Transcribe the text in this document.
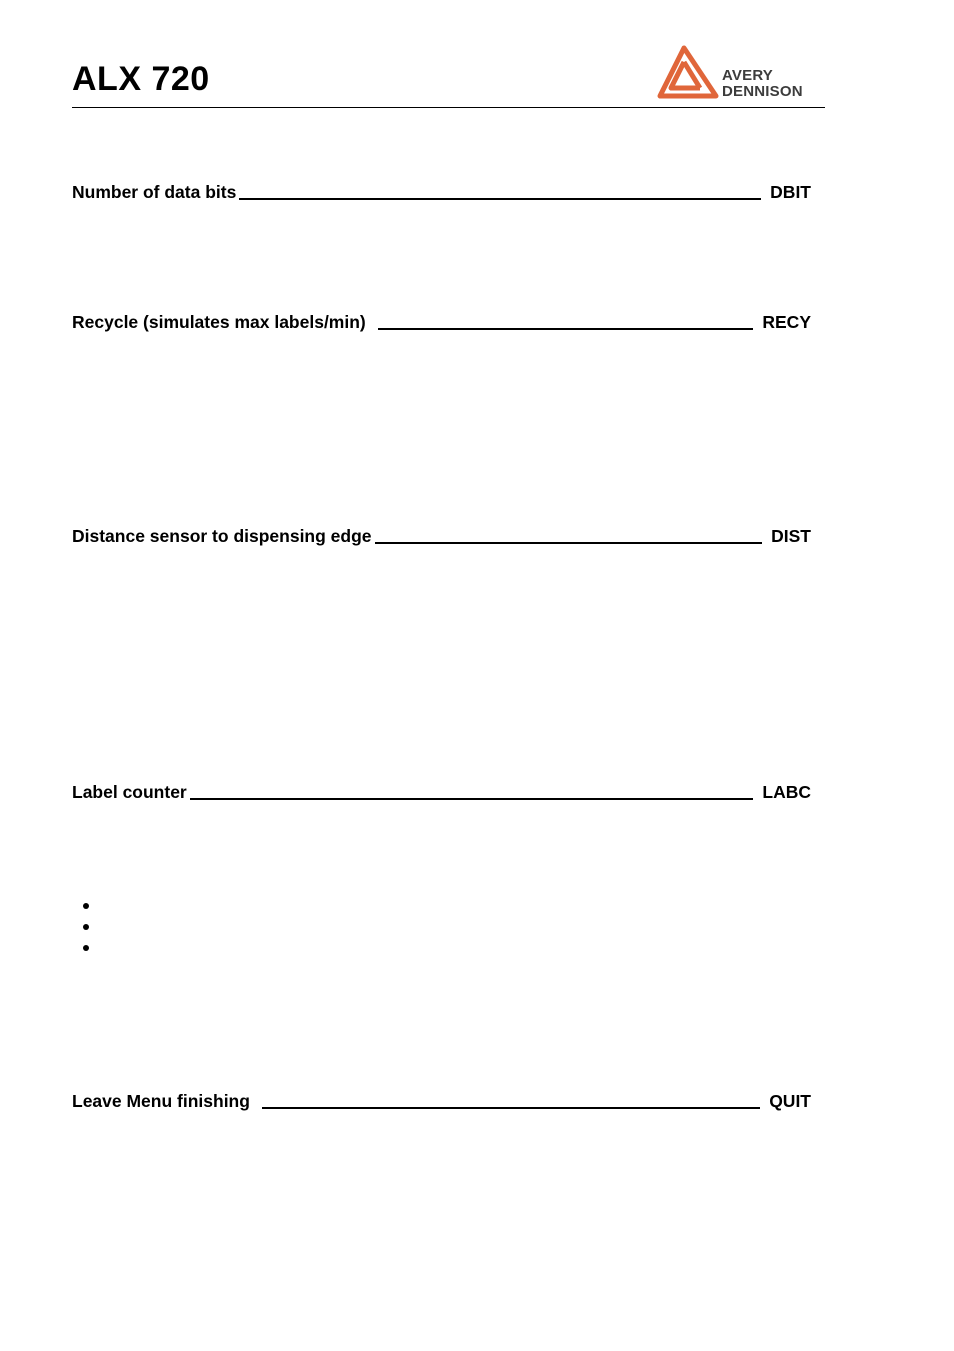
ALX 720	AVERY
DENNISON
Number of data bits	DBIT
Recycle (simulates max labels/min)	RECY
Distance sensor to dispensing edge	DIST
Label counter	LABC
Leave Menu finishing	QUIT
